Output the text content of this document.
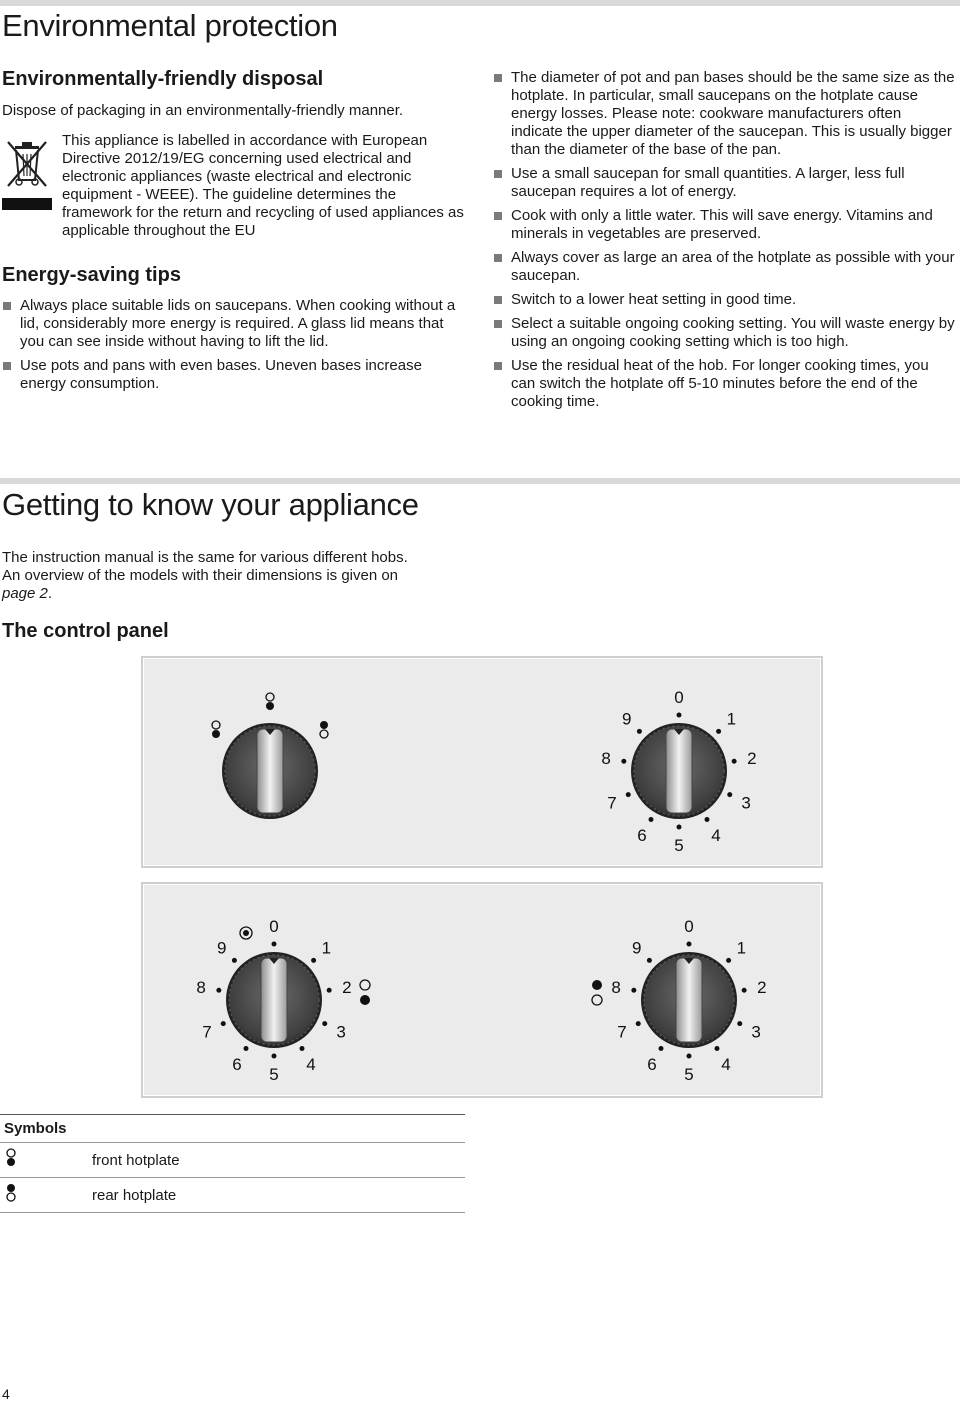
Environmental protection
Environmentally-friendly disposal

Dispose of packaging in an environmentally-friendly manner.

This appliance is labelled in accordance with European Directive 2012/19/EG concerning used electrical and electronic appliances (waste electrical and electronic equipment - WEEE). The guideline determines the framework for the return and recycling of used appliances as applicable throughout the EU

Energy-saving tips
Always place suitable lids on saucepans. When cooking without a lid, considerably more energy is required. A glass lid means that you can see inside without having to lift the lid.
Use pots and pans with even bases. Uneven bases increase energy consumption.
The diameter of pot and pan bases should be the same size as the hotplate. In particular, small saucepans on the hotplate cause energy losses. Please note: cookware manufacturers often indicate the upper diameter of the saucepan. This is usually bigger than the diameter of the base of the pan.
Use a small saucepan for small quantities. A larger, less full saucepan requires a lot of energy.
Cook with only a little water. This will save energy. Vitamins and minerals in vegetables are preserved.
Always cover as large an area of the hotplate as possible with your saucepan.
Switch to a lower heat setting in good time.
Select a suitable ongoing cooking setting. You will waste energy by using an ongoing cooking setting which is too high.
Use the residual heat of the hob. For longer cooking times, you can switch the hotplate off 5-10 minutes before the end of the cooking time.
Getting to know your appliance

The instruction manual is the same for various different hobs.
An overview of the models with their dimensions is given on
page 2.

The control panel
0
1
2
3
4
5
6
7
8
9
0
1
2
3
4
5
6
7
8
9
0
1
2
3
4
5
6
7
8
9
Symbols	
	front hotplate
	rear hotplate
4
